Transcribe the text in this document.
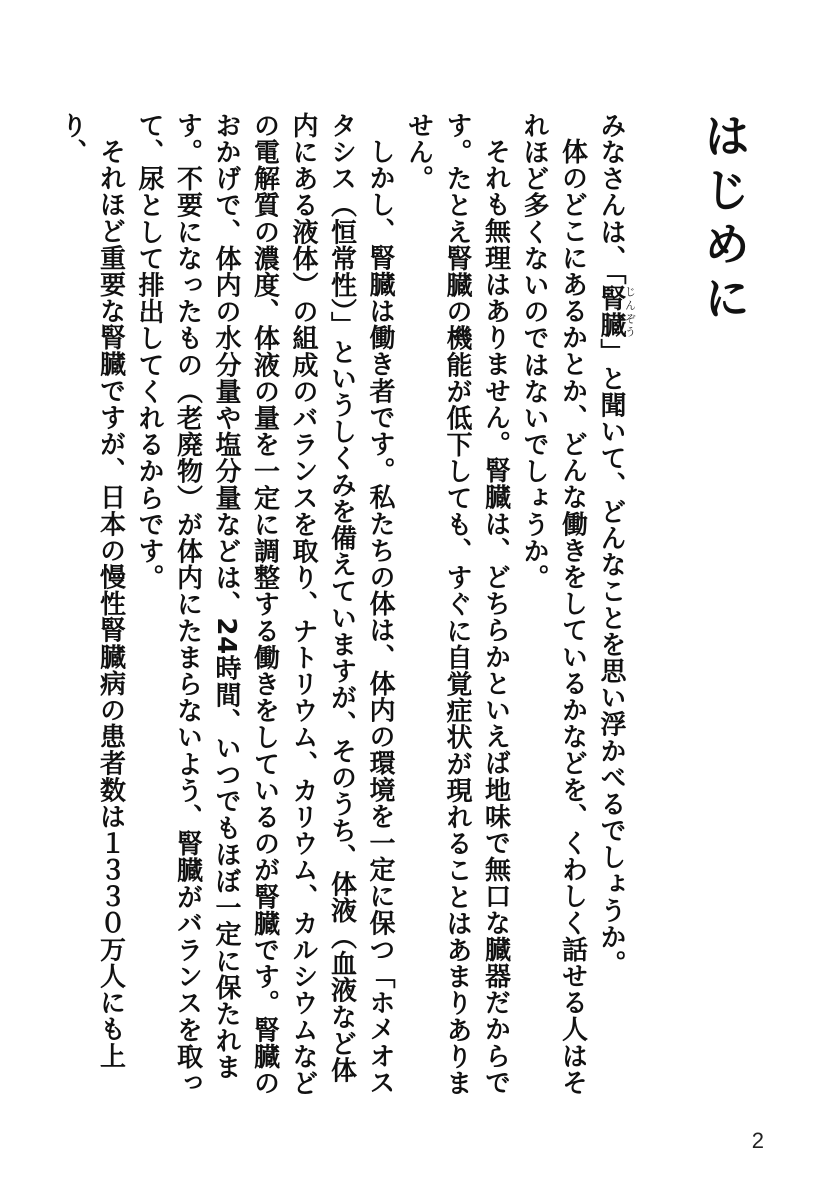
はじめに

みなさんは、「腎臓じんぞう」と聞いて、どんなことを思い浮かべるでしょうか。

体のどこにあるかとか、どんな働きをしているかなどを、くわしく話せる人はそれほど多くないのではないでしょうか。

それも無理はありません。腎臓は、どちらかといえば地味で無口な臓器だからです。たとえ腎臓の機能が低下しても、すぐに自覚症状が現れることはあまりありません。

しかし、腎臓は働き者です。私たちの体は、体内の環境を一定に保つ「ホメオスタシス（恒常性）」というしくみを備えていますが、そのうち、体液（血液など体内にある液体）の組成のバランスを取り、ナトリウム、カリウム、カルシウムなどの電解質の濃度、体液の量を一定に調整する働きをしているのが腎臓です。腎臓のおかげで、体内の水分量や塩分量などは、24時間、いつでもほぼ一定に保たれます。不要になったもの（老廃物）が体内にたまらないよう、腎臓がバランスを取って、尿として排出してくれるからです。

それほど重要な腎臓ですが、日本の慢性腎臓病の患者数は１３３０万人にも上り、

2
